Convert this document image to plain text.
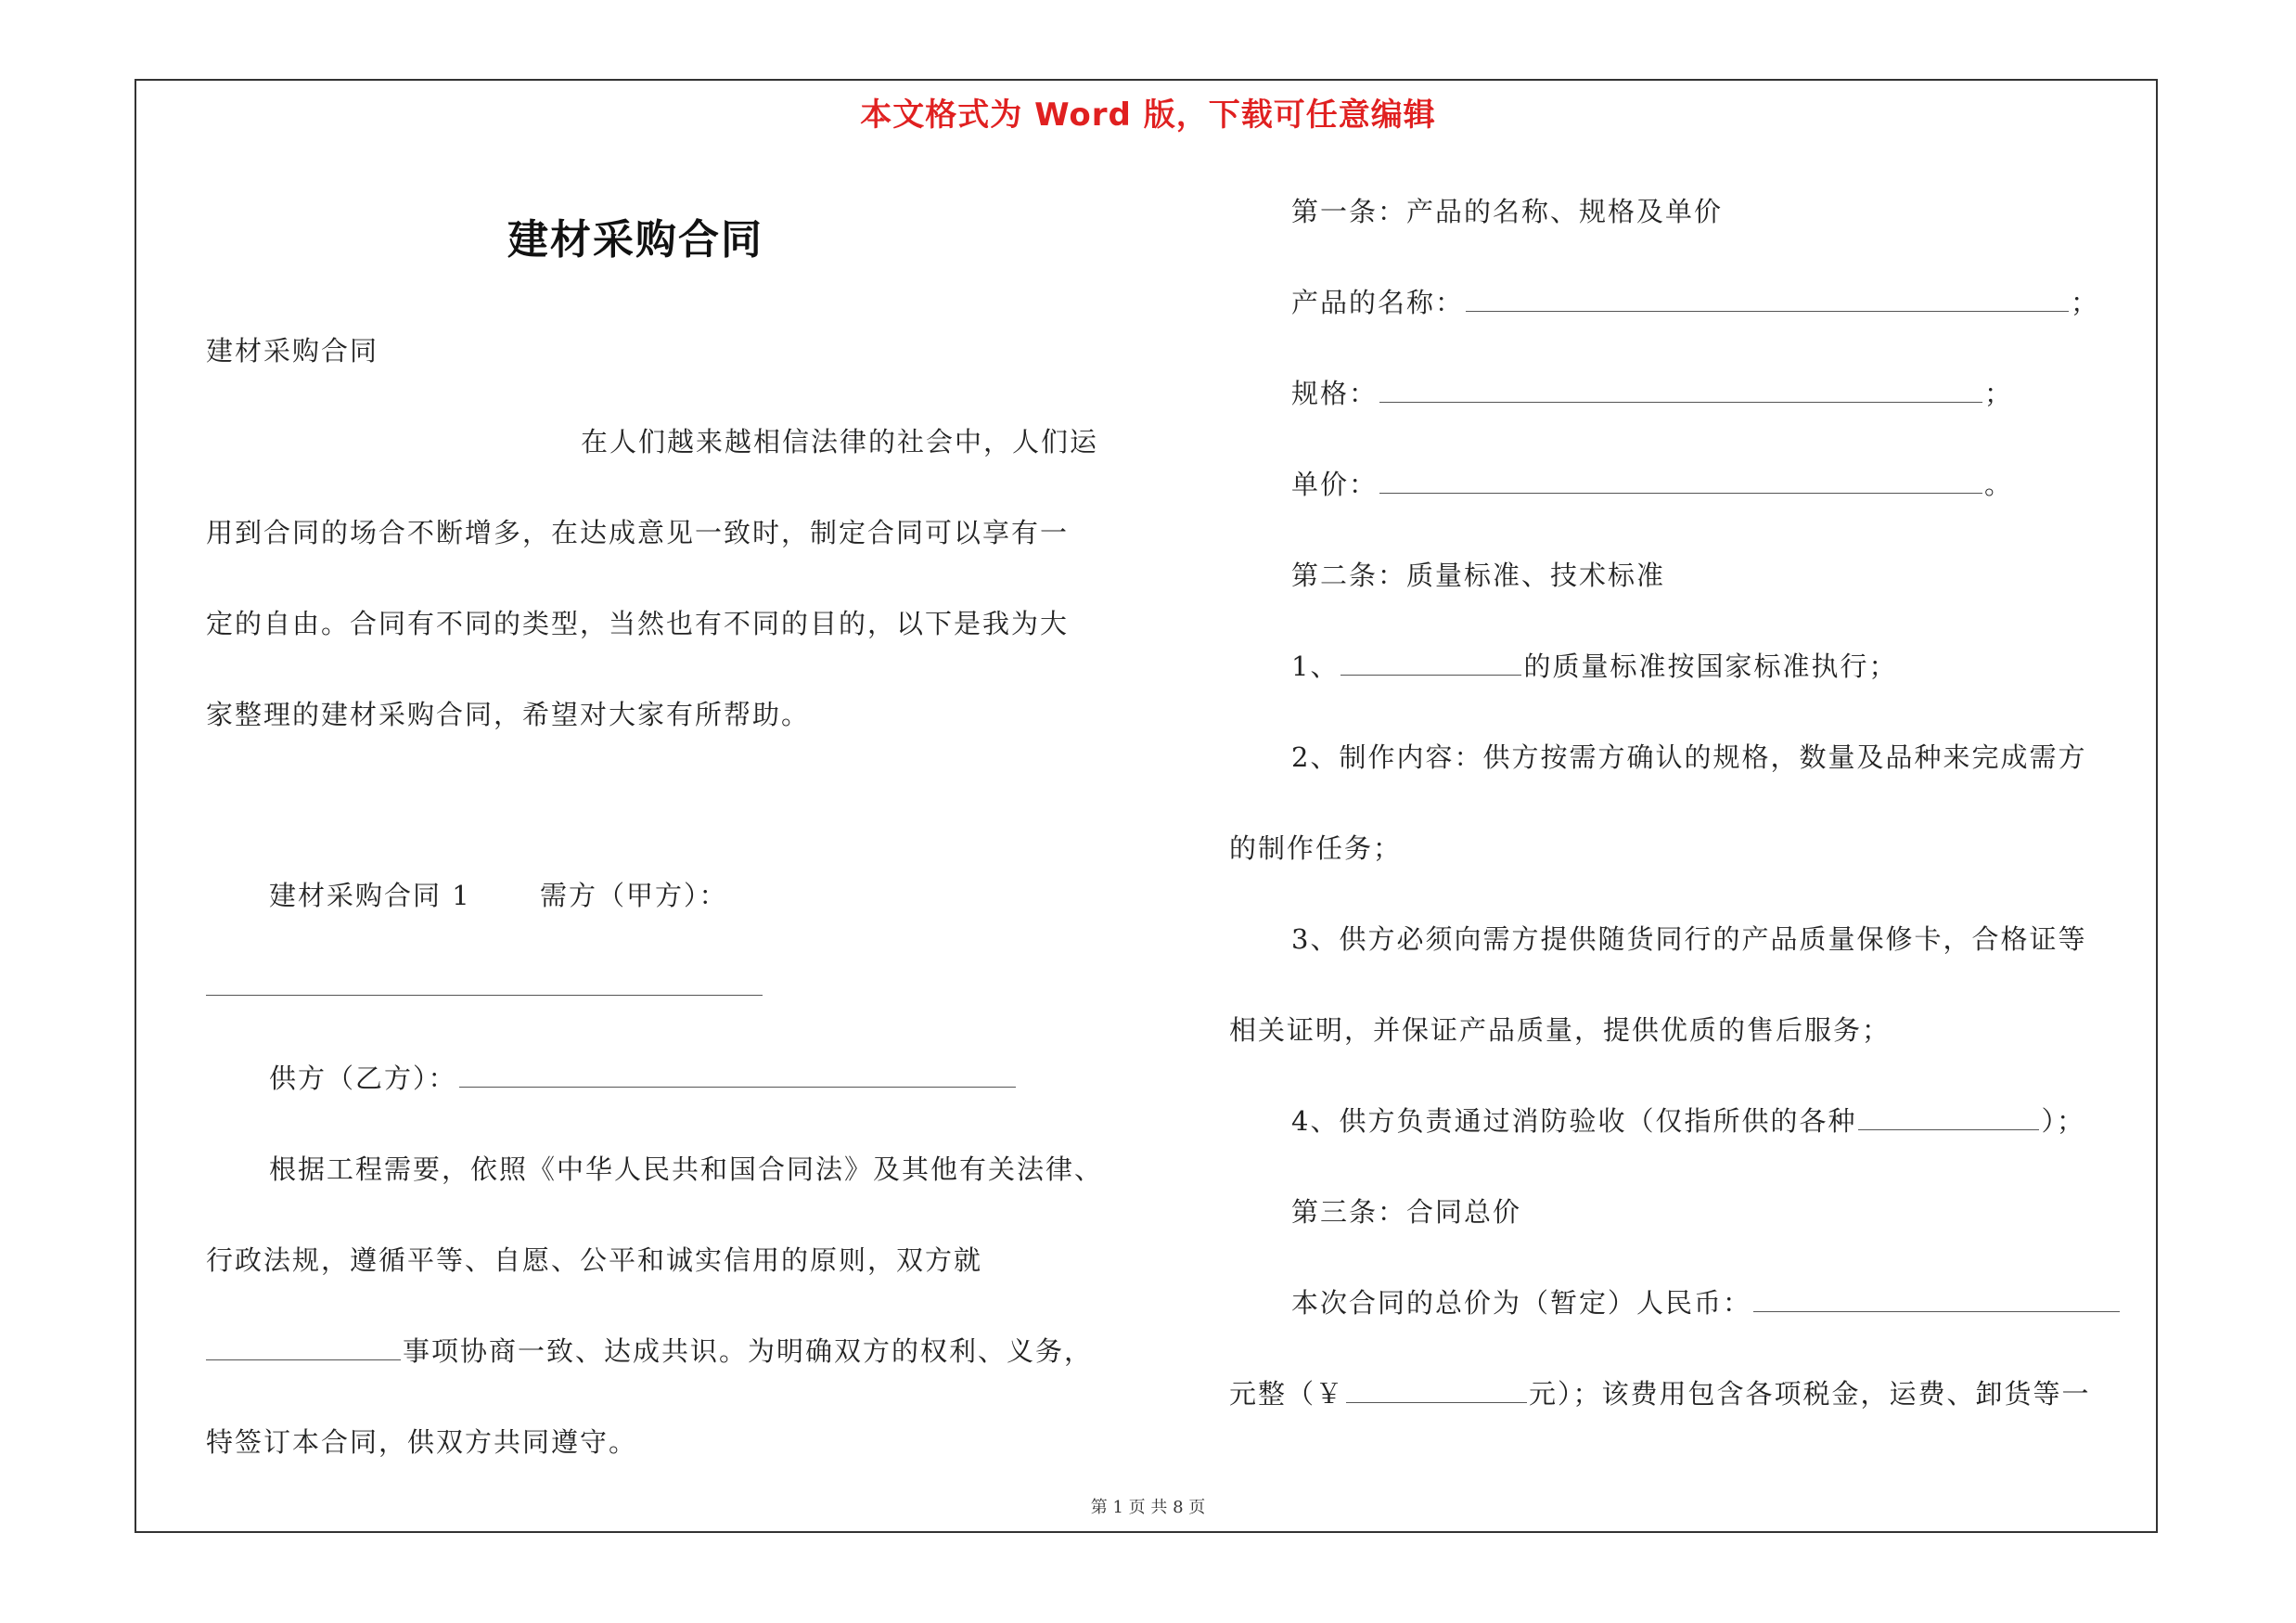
本文格式为 Word 版，下载可任意编辑
建材采购合同
建材采购合同
在人们越来越相信法律的社会中，人们运
用到合同的场合不断增多，在达成意见一致时，制定合同可以享有一
定的自由。合同有不同的类型，当然也有不同的目的，以下是我为大
家整理的建材采购合同，希望对大家有所帮助。
建材采购合同 1	需方（甲方）：
供方（乙方）：
根据工程需要，依照《中华人民共和国合同法》及其他有关法律、
行政法规，遵循平等、自愿、公平和诚实信用的原则，双方就
事项协商一致、达成共识。为明确双方的权利、义务，
特签订本合同，供双方共同遵守。
第一条：产品的名称、规格及单价
产品的名称：	；
规格：	；
单价：	。
第二条：质量标准、技术标准
1、	的质量标准按国家标准执行；
2、制作内容：供方按需方确认的规格，数量及品种来完成需方
的制作任务；
3、供方必须向需方提供随货同行的产品质量保修卡，合格证等
相关证明，并保证产品质量，提供优质的售后服务；
4、供方负责通过消防验收（仅指所供的各种	）；
第三条：合同总价
本次合同的总价为（暂定）人民币：
元整（￥	元）；该费用包含各项税金，运费、卸货等一
第 1 页 共 8 页
